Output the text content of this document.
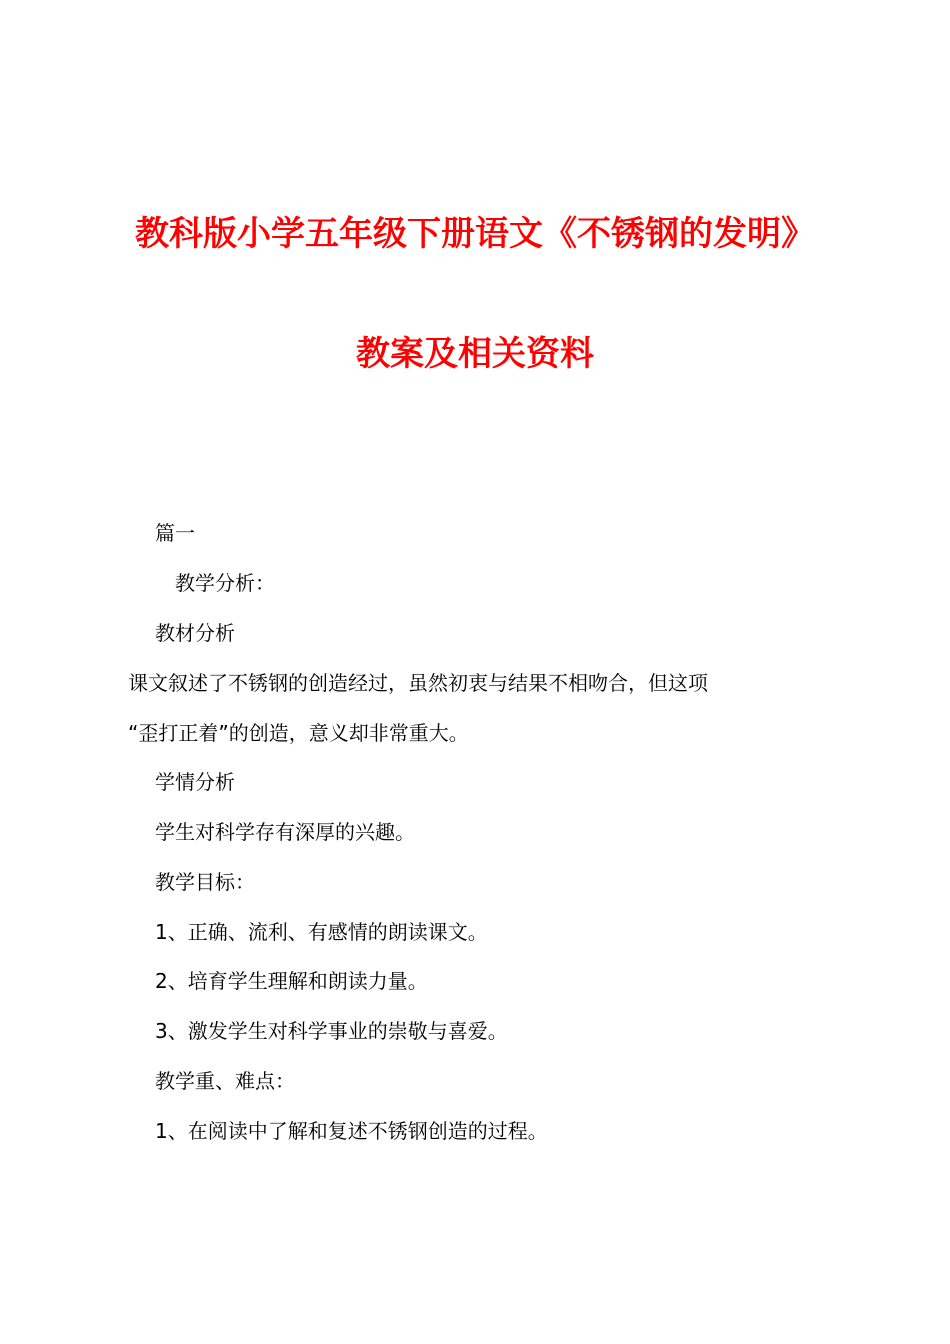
教科版小学五年级下册语文《不锈钢的发明》
教案及相关资料
篇一
　教学分析：
教材分析
课文叙述了不锈钢的创造经过，虽然初衷与结果不相吻合，但这项
“歪打正着”的创造，意义却非常重大。
学情分析
学生对科学存有深厚的兴趣。
教学目标：
1、正确、流利、有感情的朗读课文。
2、培育学生理解和朗读力量。
3、激发学生对科学事业的崇敬与喜爱。
教学重、难点：
1、在阅读中了解和复述不锈钢创造的过程。
